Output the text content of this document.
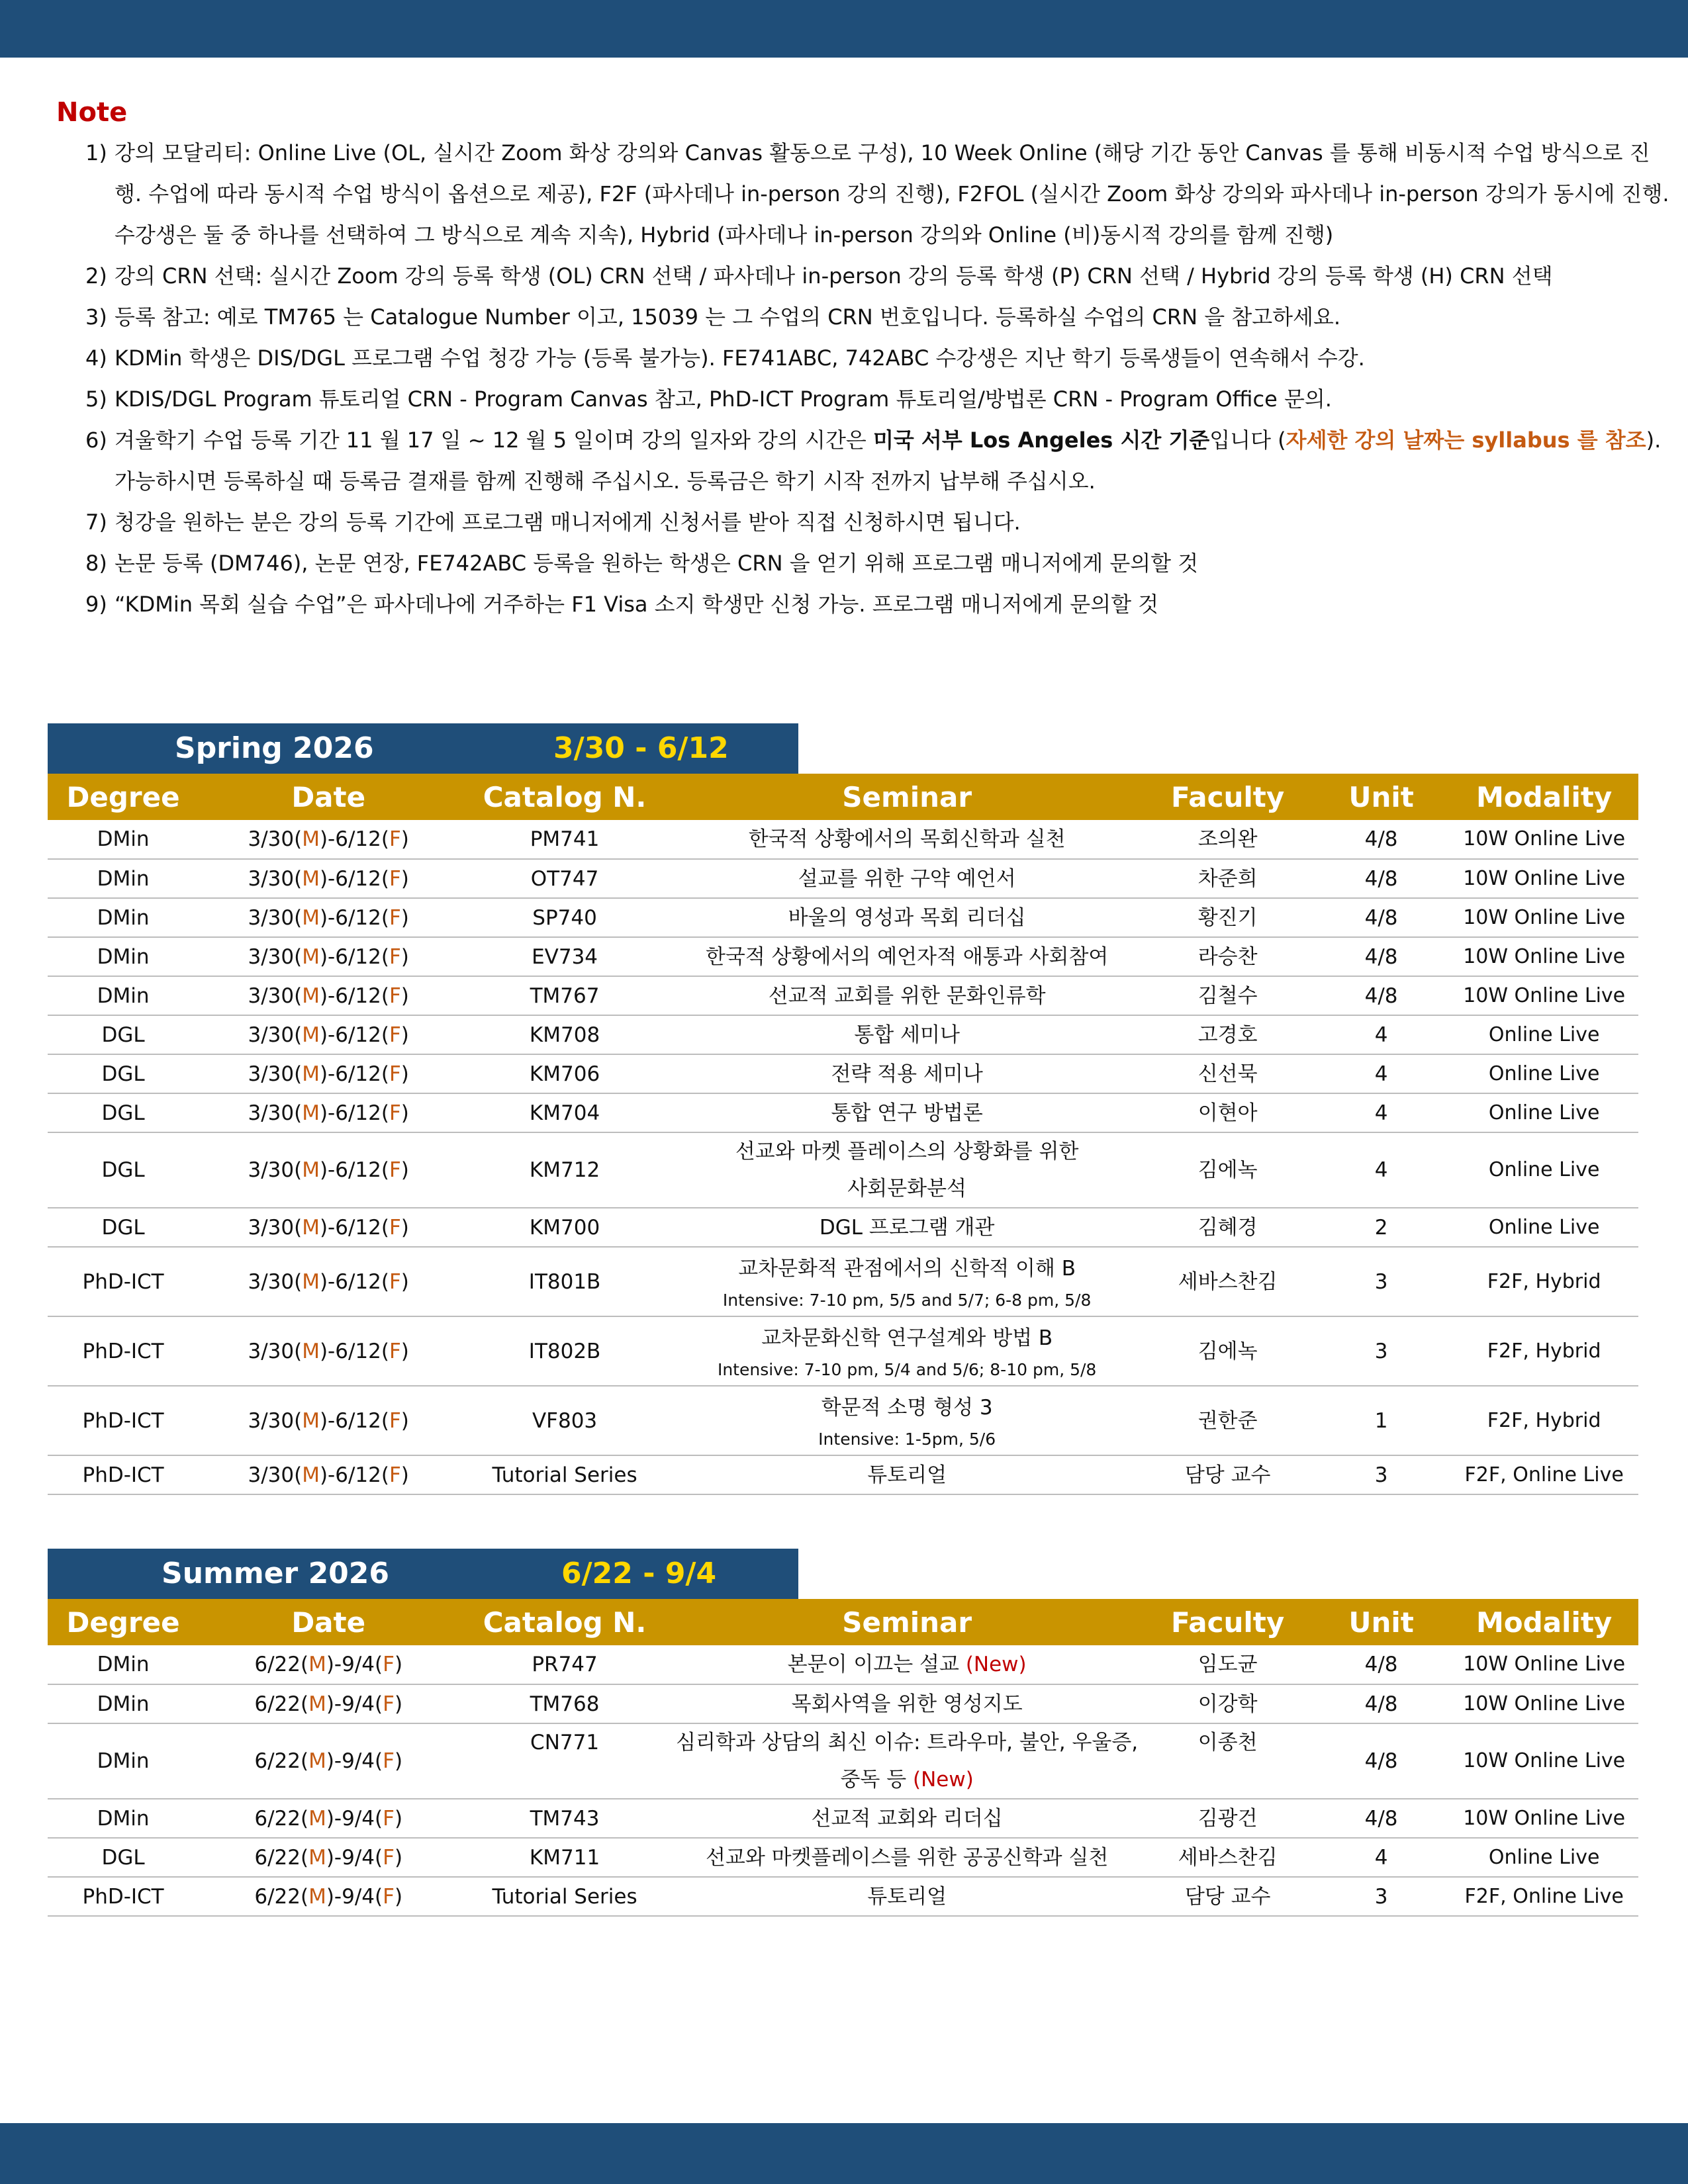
Note
1) 강의 모달리티: Online Live (OL, 실시간 Zoom 화상 강의와 Canvas 활동으로 구성), 10 Week Online (해당 기간 동안 Canvas 를 통해 비동시적 수업 방식으로 진행. 수업에 따라 동시적 수업 방식이 옵션으로 제공), F2F (파사데나 in-person 강의 진행), F2FOL (실시간 Zoom 화상 강의와 파사데나 in-person 강의가 동시에 진행. 수강생은 둘 중 하나를 선택하여 그 방식으로 계속 지속), Hybrid (파사데나 in-person 강의와 Online (비)동시적 강의를 함께 진행)
2) 강의 CRN 선택: 실시간 Zoom 강의 등록 학생 (OL) CRN 선택 / 파사데나 in-person 강의 등록 학생 (P) CRN 선택 / Hybrid 강의 등록 학생 (H) CRN 선택
3) 등록 참고: 예로 TM765 는 Catalogue Number 이고, 15039 는 그 수업의 CRN 번호입니다. 등록하실 수업의 CRN 을 참고하세요.
4) KDMin 학생은 DIS/DGL 프로그램 수업 청강 가능 (등록 불가능). FE741ABC, 742ABC 수강생은 지난 학기 등록생들이 연속해서 수강.
5) KDIS/DGL Program 튜토리얼 CRN - Program Canvas 참고, PhD-ICT Program 튜토리얼/방법론 CRN - Program Office 문의.
6) 겨울학기 수업 등록 기간 11 월 17 일 ~ 12 월 5 일이며 강의 일자와 강의 시간은 미국 서부 Los Angeles 시간 기준입니다 (자세한 강의 날짜는 syllabus 를 참조). 가능하시면 등록하실 때 등록금 결재를 함께 진행해 주십시오. 등록금은 학기 시작 전까지 납부해 주십시오.
7) 청강을 원하는 분은 강의 등록 기간에 프로그램 매니저에게 신청서를 받아 직접 신청하시면 됩니다.
8) 논문 등록 (DM746), 논문 연장, FE742ABC 등록을 원하는 학생은 CRN 을 얻기 위해 프로그램 매니저에게 문의할 것
9) “KDMin 목회 실습 수업”은 파사데나에 거주하는 F1 Visa 소지 학생만 신청 가능. 프로그램 매니저에게 문의할 것
Spring 2026	3/30 - 6/12
Degree	Date	Catalog N.	Seminar	Faculty	Unit	Modality
DMin	3/30(M)-6/12(F)	PM741	한국적 상황에서의 목회신학과 실천	조의완	4/8	10W Online Live
DMin	3/30(M)-6/12(F)	OT747	설교를 위한 구약 예언서	차준희	4/8	10W Online Live
DMin	3/30(M)-6/12(F)	SP740	바울의 영성과 목회 리더십	황진기	4/8	10W Online Live
DMin	3/30(M)-6/12(F)	EV734	한국적 상황에서의 예언자적 애통과 사회참여	라승찬	4/8	10W Online Live
DMin	3/30(M)-6/12(F)	TM767	선교적 교회를 위한 문화인류학	김철수	4/8	10W Online Live
DGL	3/30(M)-6/12(F)	KM708	통합 세미나	고경호	4	Online Live
DGL	3/30(M)-6/12(F)	KM706	전략 적용 세미나	신선묵	4	Online Live
DGL	3/30(M)-6/12(F)	KM704	통합 연구 방법론	이현아	4	Online Live
DGL	3/30(M)-6/12(F)	KM712	선교와 마켓 플레이스의 상황화를 위한
사회문화분석	김에녹	4	Online Live
DGL	3/30(M)-6/12(F)	KM700	DGL 프로그램 개관	김혜경	2	Online Live
PhD-ICT	3/30(M)-6/12(F)	IT801B	교차문화적 관점에서의 신학적 이해 B
Intensive: 7-10 pm, 5/5 and 5/7; 6-8 pm, 5/8	세바스찬김	3	F2F, Hybrid
PhD-ICT	3/30(M)-6/12(F)	IT802B	교차문화신학 연구설계와 방법 B
Intensive: 7-10 pm, 5/4 and 5/6; 8-10 pm, 5/8	김에녹	3	F2F, Hybrid
PhD-ICT	3/30(M)-6/12(F)	VF803	학문적 소명 형성 3
Intensive: 1-5pm, 5/6	권한준	1	F2F, Hybrid
PhD-ICT	3/30(M)-6/12(F)	Tutorial Series	튜토리얼	담당 교수	3	F2F, Online Live
Summer 2026	6/22 - 9/4
Degree	Date	Catalog N.	Seminar	Faculty	Unit	Modality
DMin	6/22(M)-9/4(F)	PR747	본문이 이끄는 설교 (New)	임도균	4/8	10W Online Live
DMin	6/22(M)-9/4(F)	TM768	목회사역을 위한 영성지도	이강학	4/8	10W Online Live
DMin	6/22(M)-9/4(F)	CN771	심리학과 상담의 최신 이슈: 트라우마, 불안, 우울증,
중독 등 (New)	이종천	4/8	10W Online Live
DMin	6/22(M)-9/4(F)	TM743	선교적 교회와 리더십	김광건	4/8	10W Online Live
DGL	6/22(M)-9/4(F)	KM711	선교와 마켓플레이스를 위한 공공신학과 실천	세바스찬김	4	Online Live
PhD-ICT	6/22(M)-9/4(F)	Tutorial Series	튜토리얼	담당 교수	3	F2F, Online Live
